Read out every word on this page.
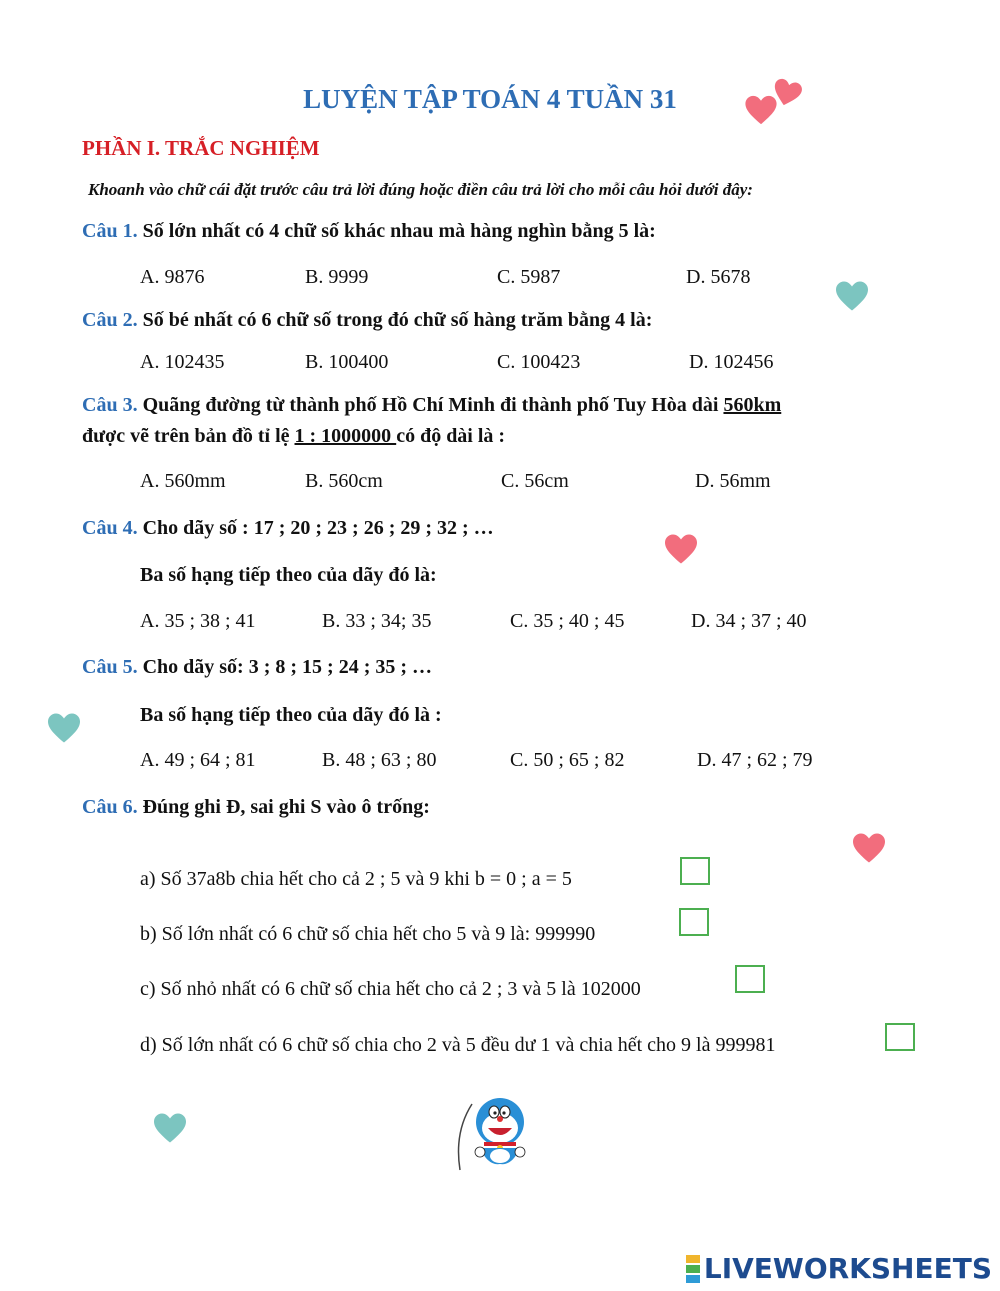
LUYỆN TẬP TOÁN 4 TUẦN 31
PHẦN I. TRẮC NGHIỆM
Khoanh vào chữ cái đặt trước câu trả lời đúng hoặc điền câu trả lời cho mỗi câu hỏi dưới đây:
Câu 1. Số lớn nhất có 4 chữ số khác nhau mà hàng nghìn bằng 5 là:
A. 9876	B. 9999	C. 5987	D. 5678
Câu 2. Số bé nhất có 6 chữ số trong đó chữ số hàng trăm bằng 4 là:
A. 102435	B. 100400	C. 100423	D. 102456
Câu 3. Quãng đường từ thành phố Hồ Chí Minh đi thành phố Tuy Hòa dài 560km
được vẽ trên bản đồ tỉ lệ 1 : 1000000 có độ dài là :
A. 560mm	B. 560cm	C. 56cm	D. 56mm
Câu 4. Cho dãy số : 17 ; 20 ; 23 ; 26 ; 29 ; 32 ; …
Ba số hạng tiếp theo của dãy đó là:
A. 35 ; 38 ; 41	B. 33 ; 34; 35	C. 35 ; 40 ; 45	D. 34 ; 37 ; 40
Câu 5. Cho dãy số: 3 ; 8 ; 15 ; 24 ; 35 ; …
Ba số hạng tiếp theo của dãy đó là :
A. 49 ; 64 ; 81	B. 48 ; 63 ; 80	C. 50 ; 65 ; 82	D. 47 ; 62 ; 79
Câu 6. Đúng ghi Đ, sai ghi S vào ô trống:
a) Số 37a8b chia hết cho cả 2 ; 5 và 9 khi b = 0 ; a = 5
b) Số lớn nhất có 6 chữ số chia hết cho 5 và 9 là: 999990
c) Số nhỏ nhất có 6 chữ số chia hết cho cả 2 ; 3 và 5 là 102000
d) Số lớn nhất có 6 chữ số chia cho 2 và 5 đều dư 1 và chia hết cho 9 là 999981
LIVEWORKSHEETS
